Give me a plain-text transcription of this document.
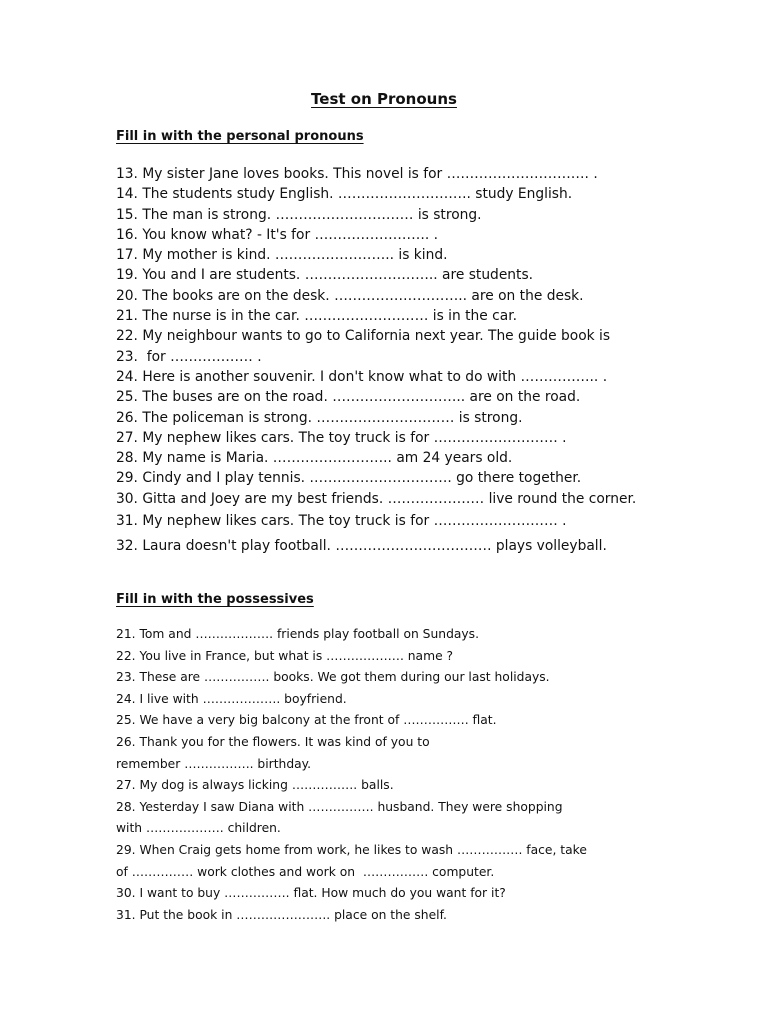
Test on Pronouns
Fill in with the personal pronouns
13. My sister Jane loves books. This novel is for …………………………. .
14. The students study English. ……………………….. study English.
15. The man is strong. ………………………… is strong.
16. You know what? - It's for ……………………. .
17. My mother is kind. …………………….. is kind.
19. You and I are students. ……………………….. are students.
20. The books are on the desk. ……………………….. are on the desk.
21. The nurse is in the car. ……………………… is in the car.
22. My neighbour wants to go to California next year. The guide book is
23.  for ……………… .
24. Here is another souvenir. I don't know what to do with …………….. .
25. The buses are on the road. ……………………….. are on the road.
26. The policeman is strong. ………………………… is strong.
27. My nephew likes cars. The toy truck is for ……………………… .
28. My name is Maria. …………………….. am 24 years old.
29. Cindy and I play tennis. …………………………. go there together.
30. Gitta and Joey are my best friends. ………………… live round the corner.
31. My nephew likes cars. The toy truck is for ……………………… .
32. Laura doesn't play football. ……………………………. plays volleyball.
Fill in with the possessives
21. Tom and ………………. friends play football on Sundays.
22. You live in France, but what is ………………. name ?
23. These are ……………. books. We got them during our last holidays.
24. I live with ………………. boyfriend.
25. We have a very big balcony at the front of ……………. flat.
26. Thank you for the flowers. It was kind of you to
remember …………….. birthday.
27. My dog is always licking ……………. balls.
28. Yesterday I saw Diana with ……………. husband. They were shopping
with ………………. children.
29. When Craig gets home from work, he likes to wash ……………. face, take
of …………… work clothes and work on  ……………. computer.
30. I want to buy ……………. flat. How much do you want for it?
31. Put the book in ………………….. place on the shelf.
